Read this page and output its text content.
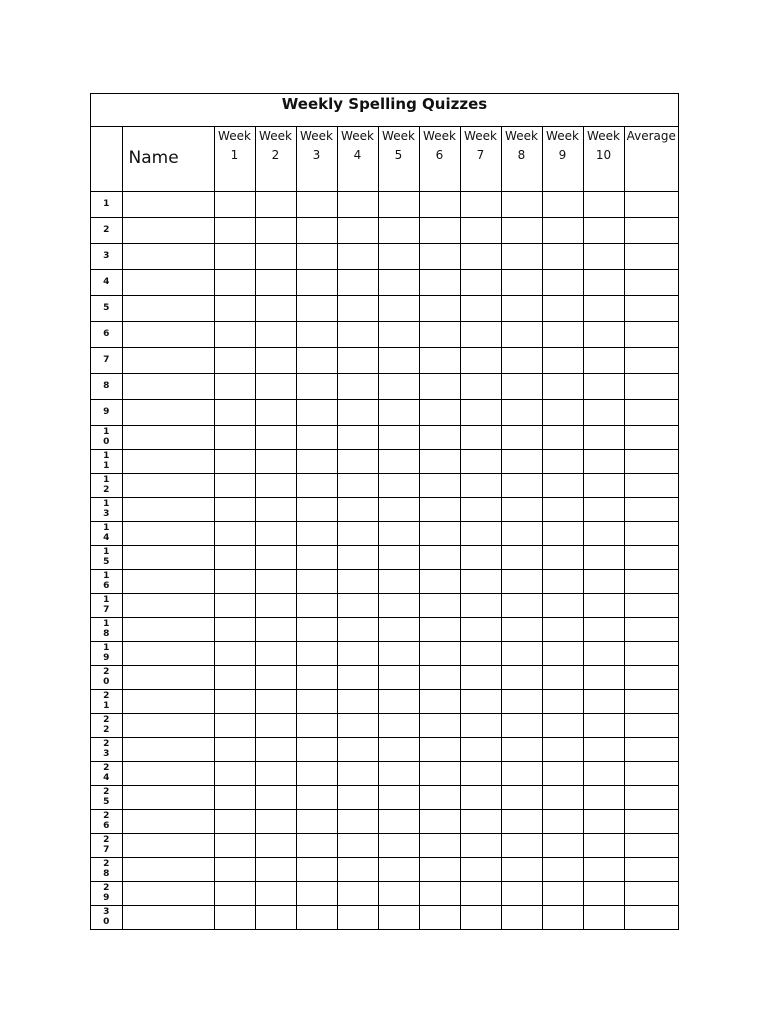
Weekly Spelling Quizzes
	Name	Week 1	Week 2	Week 3	Week 4	Week 5	Week 6	Week 7	Week 8	Week 9	Week 10	Average
1												
2												
3												
4												
5												
6												
7												
8												
9												
10												
11												
12												
13												
14												
15												
16												
17												
18												
19												
20												
21												
22												
23												
24												
25												
26												
27												
28												
29												
30												
